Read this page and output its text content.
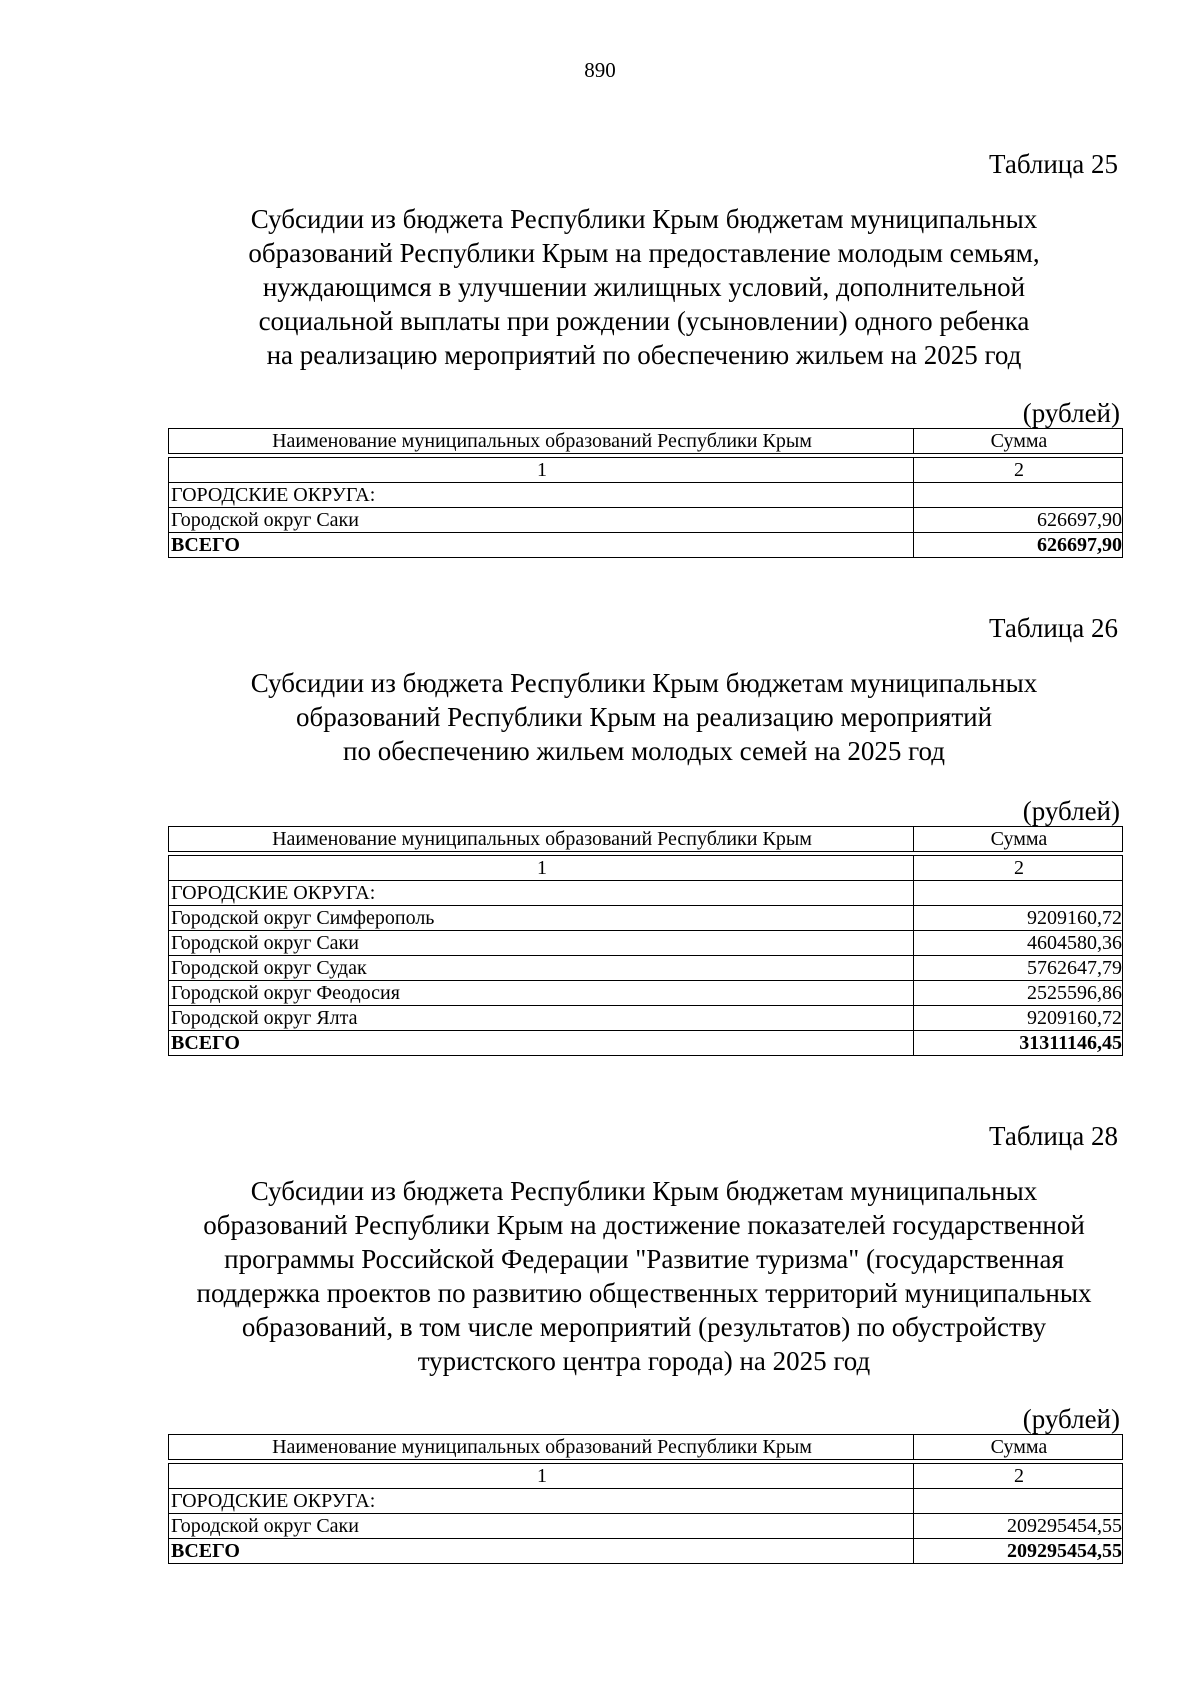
890
Таблица 25
Субсидии из бюджета Республики Крым бюджетам муниципальных
образований Республики Крым на предоставление молодым семьям,
нуждающимся в улучшении жилищных условий, дополнительной
социальной выплаты при рождении (усыновлении) одного ребенка
на реализацию мероприятий по обеспечению жильем на 2025 год
(рублей)
Наименование муниципальных образований Республики Крым	Сумма

1	2
ГОРОДСКИЕ ОКРУГА:	
Городской округ Саки	626697,90
ВСЕГО	626697,90
Таблица 26
Субсидии из бюджета Республики Крым бюджетам муниципальных
образований Республики Крым на реализацию мероприятий
по обеспечению жильем молодых семей на 2025 год
(рублей)
Наименование муниципальных образований Республики Крым	Сумма

1	2
ГОРОДСКИЕ ОКРУГА:	
Городской округ Симферополь	9209160,72
Городской округ Саки	4604580,36
Городской округ Судак	5762647,79
Городской округ Феодосия	2525596,86
Городской округ Ялта	9209160,72
ВСЕГО	31311146,45
Таблица 28
Субсидии из бюджета Республики Крым бюджетам муниципальных
образований Республики Крым на достижение показателей государственной
программы Российской Федерации "Развитие туризма" (государственная
поддержка проектов по развитию общественных территорий муниципальных
образований, в том числе мероприятий (результатов) по обустройству
туристского центра города) на 2025 год
(рублей)
Наименование муниципальных образований Республики Крым	Сумма

1	2
ГОРОДСКИЕ ОКРУГА:	
Городской округ Саки	209295454,55
ВСЕГО	209295454,55
